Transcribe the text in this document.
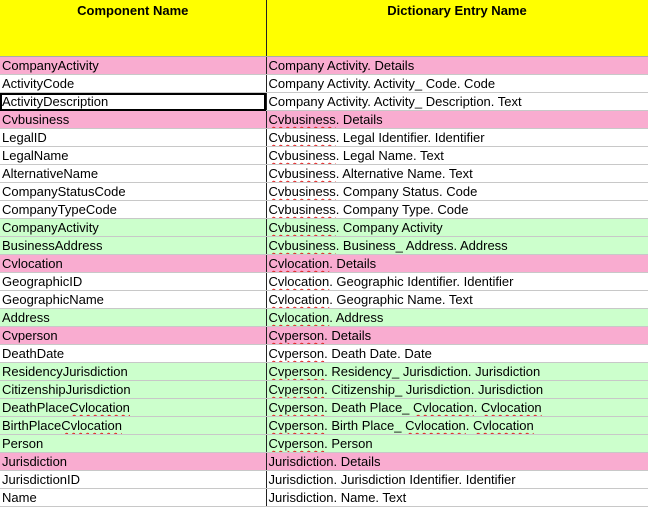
Component Name	Dictionary Entry Name

CompanyActivity	Company Activity. Details
ActivityCode	Company Activity. Activity_ Code. Code
ActivityDescription	Company Activity. Activity_ Description. Text
Cvbusiness	Cvbusiness. Details
LegalID	Cvbusiness. Legal Identifier. Identifier
LegalName	Cvbusiness. Legal Name. Text
AlternativeName	Cvbusiness. Alternative Name. Text
CompanyStatusCode	Cvbusiness. Company Status. Code
CompanyTypeCode	Cvbusiness. Company Type. Code
CompanyActivity	Cvbusiness. Company Activity
BusinessAddress	Cvbusiness. Business_ Address. Address
Cvlocation	Cvlocation. Details
GeographicID	Cvlocation. Geographic Identifier. Identifier
GeographicName	Cvlocation. Geographic Name. Text
Address	Cvlocation. Address
Cvperson	Cvperson. Details
DeathDate	Cvperson. Death Date. Date
ResidencyJurisdiction	Cvperson. Residency_ Jurisdiction. Jurisdiction
CitizenshipJurisdiction	Cvperson. Citizenship_ Jurisdiction. Jurisdiction
DeathPlaceCvlocation	Cvperson. Death Place_ Cvlocation. Cvlocation
BirthPlaceCvlocation	Cvperson. Birth Place_ Cvlocation. Cvlocation
Person	Cvperson. Person
Jurisdiction	Jurisdiction. Details
JurisdictionID	Jurisdiction. Jurisdiction Identifier. Identifier
Name	Jurisdiction. Name. Text
